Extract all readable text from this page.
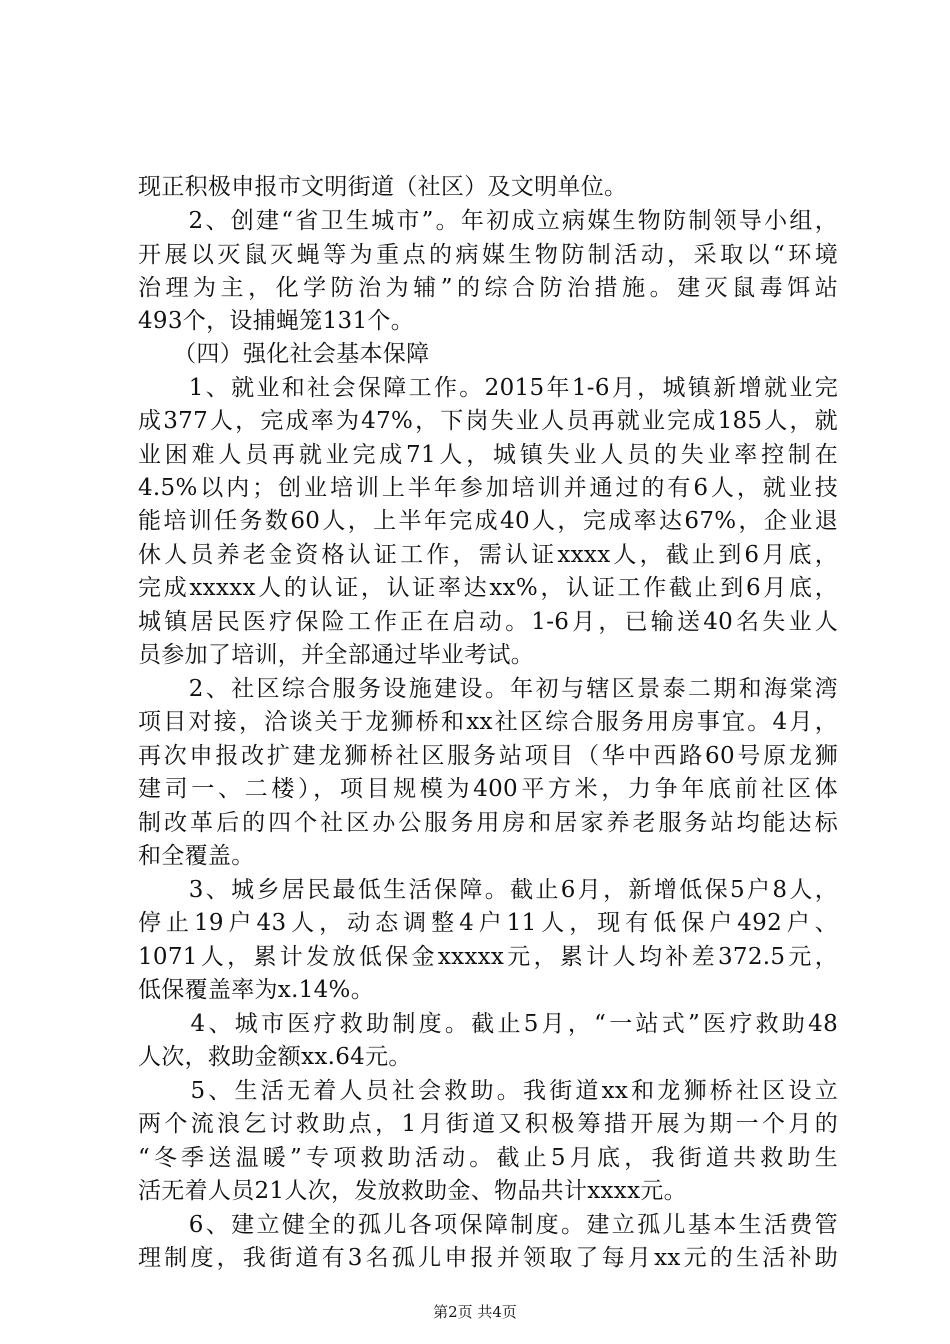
现正积极申报市文明街道（社区）及文明单位。
　　2、创建“省卫生城市”。年初成立病媒生物防制领导小组，
开展以灭鼠灭蝇等为重点的病媒生物防制活动，采取以“环境
治理为主，化学防治为辅”的综合防治措施。建灭鼠毒饵站
493个，设捕蝇笼131个。
　　（四）强化社会基本保障
　　1、就业和社会保障工作。2015年1-6月，城镇新增就业完
成377人，完成率为47%，下岗失业人员再就业完成185人，就
业困难人员再就业完成71人，城镇失业人员的失业率控制在
4.5%以内；创业培训上半年参加培训并通过的有6人，就业技
能培训任务数60人，上半年完成40人，完成率达67%，企业退
休人员养老金资格认证工作，需认证xxxx人，截止到6月底，
完成xxxxx人的认证，认证率达xx%，认证工作截止到6月底，
城镇居民医疗保险工作正在启动。1-6月，已输送40名失业人
员参加了培训，并全部通过毕业考试。
　　2、社区综合服务设施建设。年初与辖区景泰二期和海棠湾
项目对接，洽谈关于龙狮桥和xx社区综合服务用房事宜。4月，
再次申报改扩建龙狮桥社区服务站项目（华中西路60号原龙狮
建司一、二楼），项目规模为400平方米，力争年底前社区体
制改革后的四个社区办公服务用房和居家养老服务站均能达标
和全覆盖。
　　3、城乡居民最低生活保障。截止6月，新增低保5户8人，
停止19户43人，动态调整4户11人，现有低保户492户、
1071人，累计发放低保金xxxxx元，累计人均补差372.5元，
低保覆盖率为x.14%。
　　4、城市医疗救助制度。截止5月，“一站式”医疗救助48
人次，救助金额xx.64元。
　　5、生活无着人员社会救助。我街道xx和龙狮桥社区设立
两个流浪乞讨救助点，1月街道又积极筹措开展为期一个月的
“冬季送温暖”专项救助活动。截止5月底，我街道共救助生
活无着人员21人次，发放救助金、物品共计xxxx元。
　　6、建立健全的孤儿各项保障制度。建立孤儿基本生活费管
理制度，我街道有3名孤儿申报并领取了每月xx元的生活补助
第2页 共4页
